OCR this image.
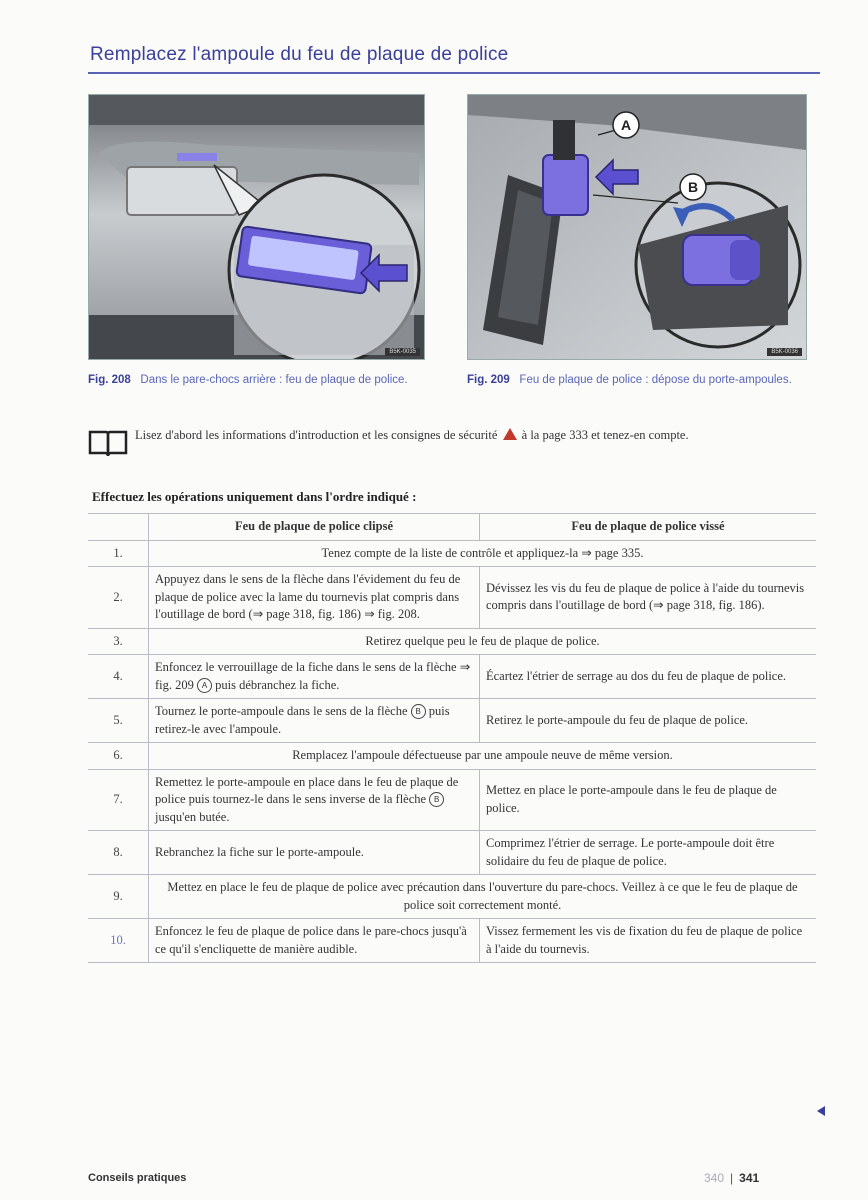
Remplacez l'ampoule du feu de plaque de police
B5K-0035
A
B
B5K-0036
Fig. 208 Dans le pare-chocs arrière : feu de plaque de police.	Fig. 209 Feu de plaque de police : dépose du porte-ampoules.
Lisez d'abord les informations d'introduction et les consignes de sécurité à la page 333 et tenez-en compte.
Effectuez les opérations uniquement dans l'ordre indiqué :
	Feu de plaque de police clipsé	Feu de plaque de police vissé
1.	Tenez compte de la liste de contrôle et appliquez-la ⇒ page 335.	
2.	Appuyez dans le sens de la flèche dans l'évidement du feu de plaque de police avec la lame du tournevis plat compris dans l'outillage de bord (⇒ page 318, fig. 186) ⇒ fig. 208.	Dévissez les vis du feu de plaque de police à l'aide du tournevis compris dans l'outillage de bord (⇒ page 318, fig. 186).
3.	Retirez quelque peu le feu de plaque de police.	
4.	Enfoncez le verrouillage de la fiche dans le sens de la flèche ⇒ fig. 209 A puis débranchez la fiche.	Écartez l'étrier de serrage au dos du feu de plaque de police.
5.	Tournez le porte-ampoule dans le sens de la flèche B puis retirez-le avec l'ampoule.	Retirez le porte-ampoule du feu de plaque de police.
6.	Remplacez l'ampoule défectueuse par une ampoule neuve de même version.	
7.	Remettez le porte-ampoule en place dans le feu de plaque de police puis tournez-le dans le sens inverse de la flèche B jusqu'en butée.	Mettez en place le porte-ampoule dans le feu de plaque de police.
8.	Rebranchez la fiche sur le porte-ampoule.	Comprimez l'étrier de serrage. Le porte-ampoule doit être solidaire du feu de plaque de police.
9.	Mettez en place le feu de plaque de police avec précaution dans l'ouverture du pare-chocs. Veillez à ce que le feu de plaque de police soit correctement monté.	
10.	Enfoncez le feu de plaque de police dans le pare-chocs jusqu'à ce qu'il s'encliquette de manière audible.	Vissez fermement les vis de fixation du feu de plaque de police à l'aide du tournevis.
Conseils pratiques	340 | 341
